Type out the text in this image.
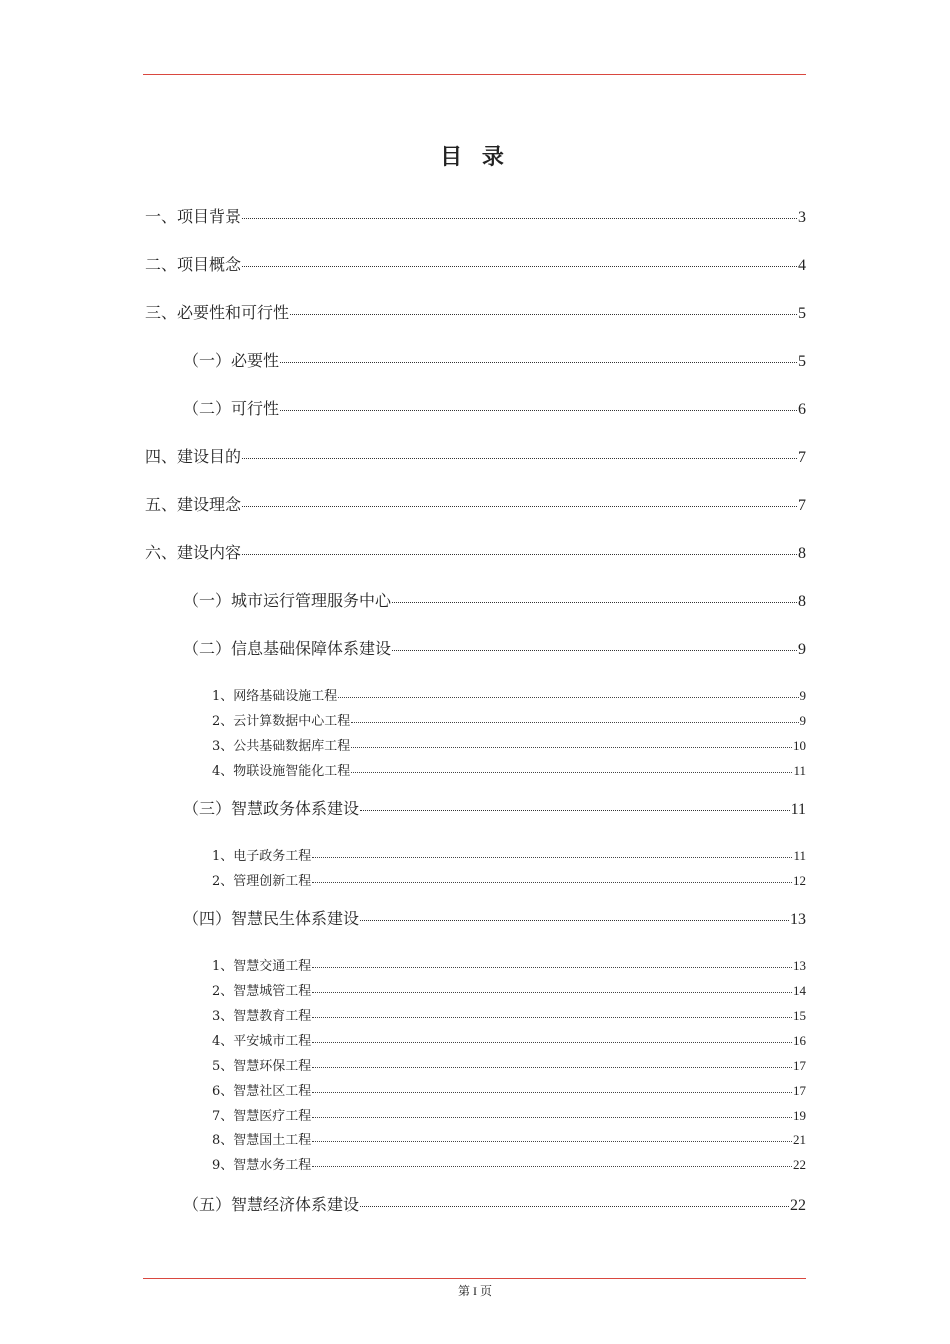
目 录
一、项目背景	3
二、项目概念	4
三、必要性和可行性	5
（一）必要性	5
（二）可行性	6
四、建设目的	7
五、建设理念	7
六、建设内容	8
（一）城市运行管理服务中心	8
（二）信息基础保障体系建设	9
1、网络基础设施工程	9
2、云计算数据中心工程	9
3、公共基础数据库工程	10
4、物联设施智能化工程	11
（三）智慧政务体系建设	11
1、电子政务工程	11
2、管理创新工程	12
（四）智慧民生体系建设	13
1、智慧交通工程	13
2、智慧城管工程	14
3、智慧教育工程	15
4、平安城市工程	16
5、智慧环保工程	17
6、智慧社区工程	17
7、智慧医疗工程	19
8、智慧国土工程	21
9、智慧水务工程	22
（五）智慧经济体系建设	22
第 I 页
